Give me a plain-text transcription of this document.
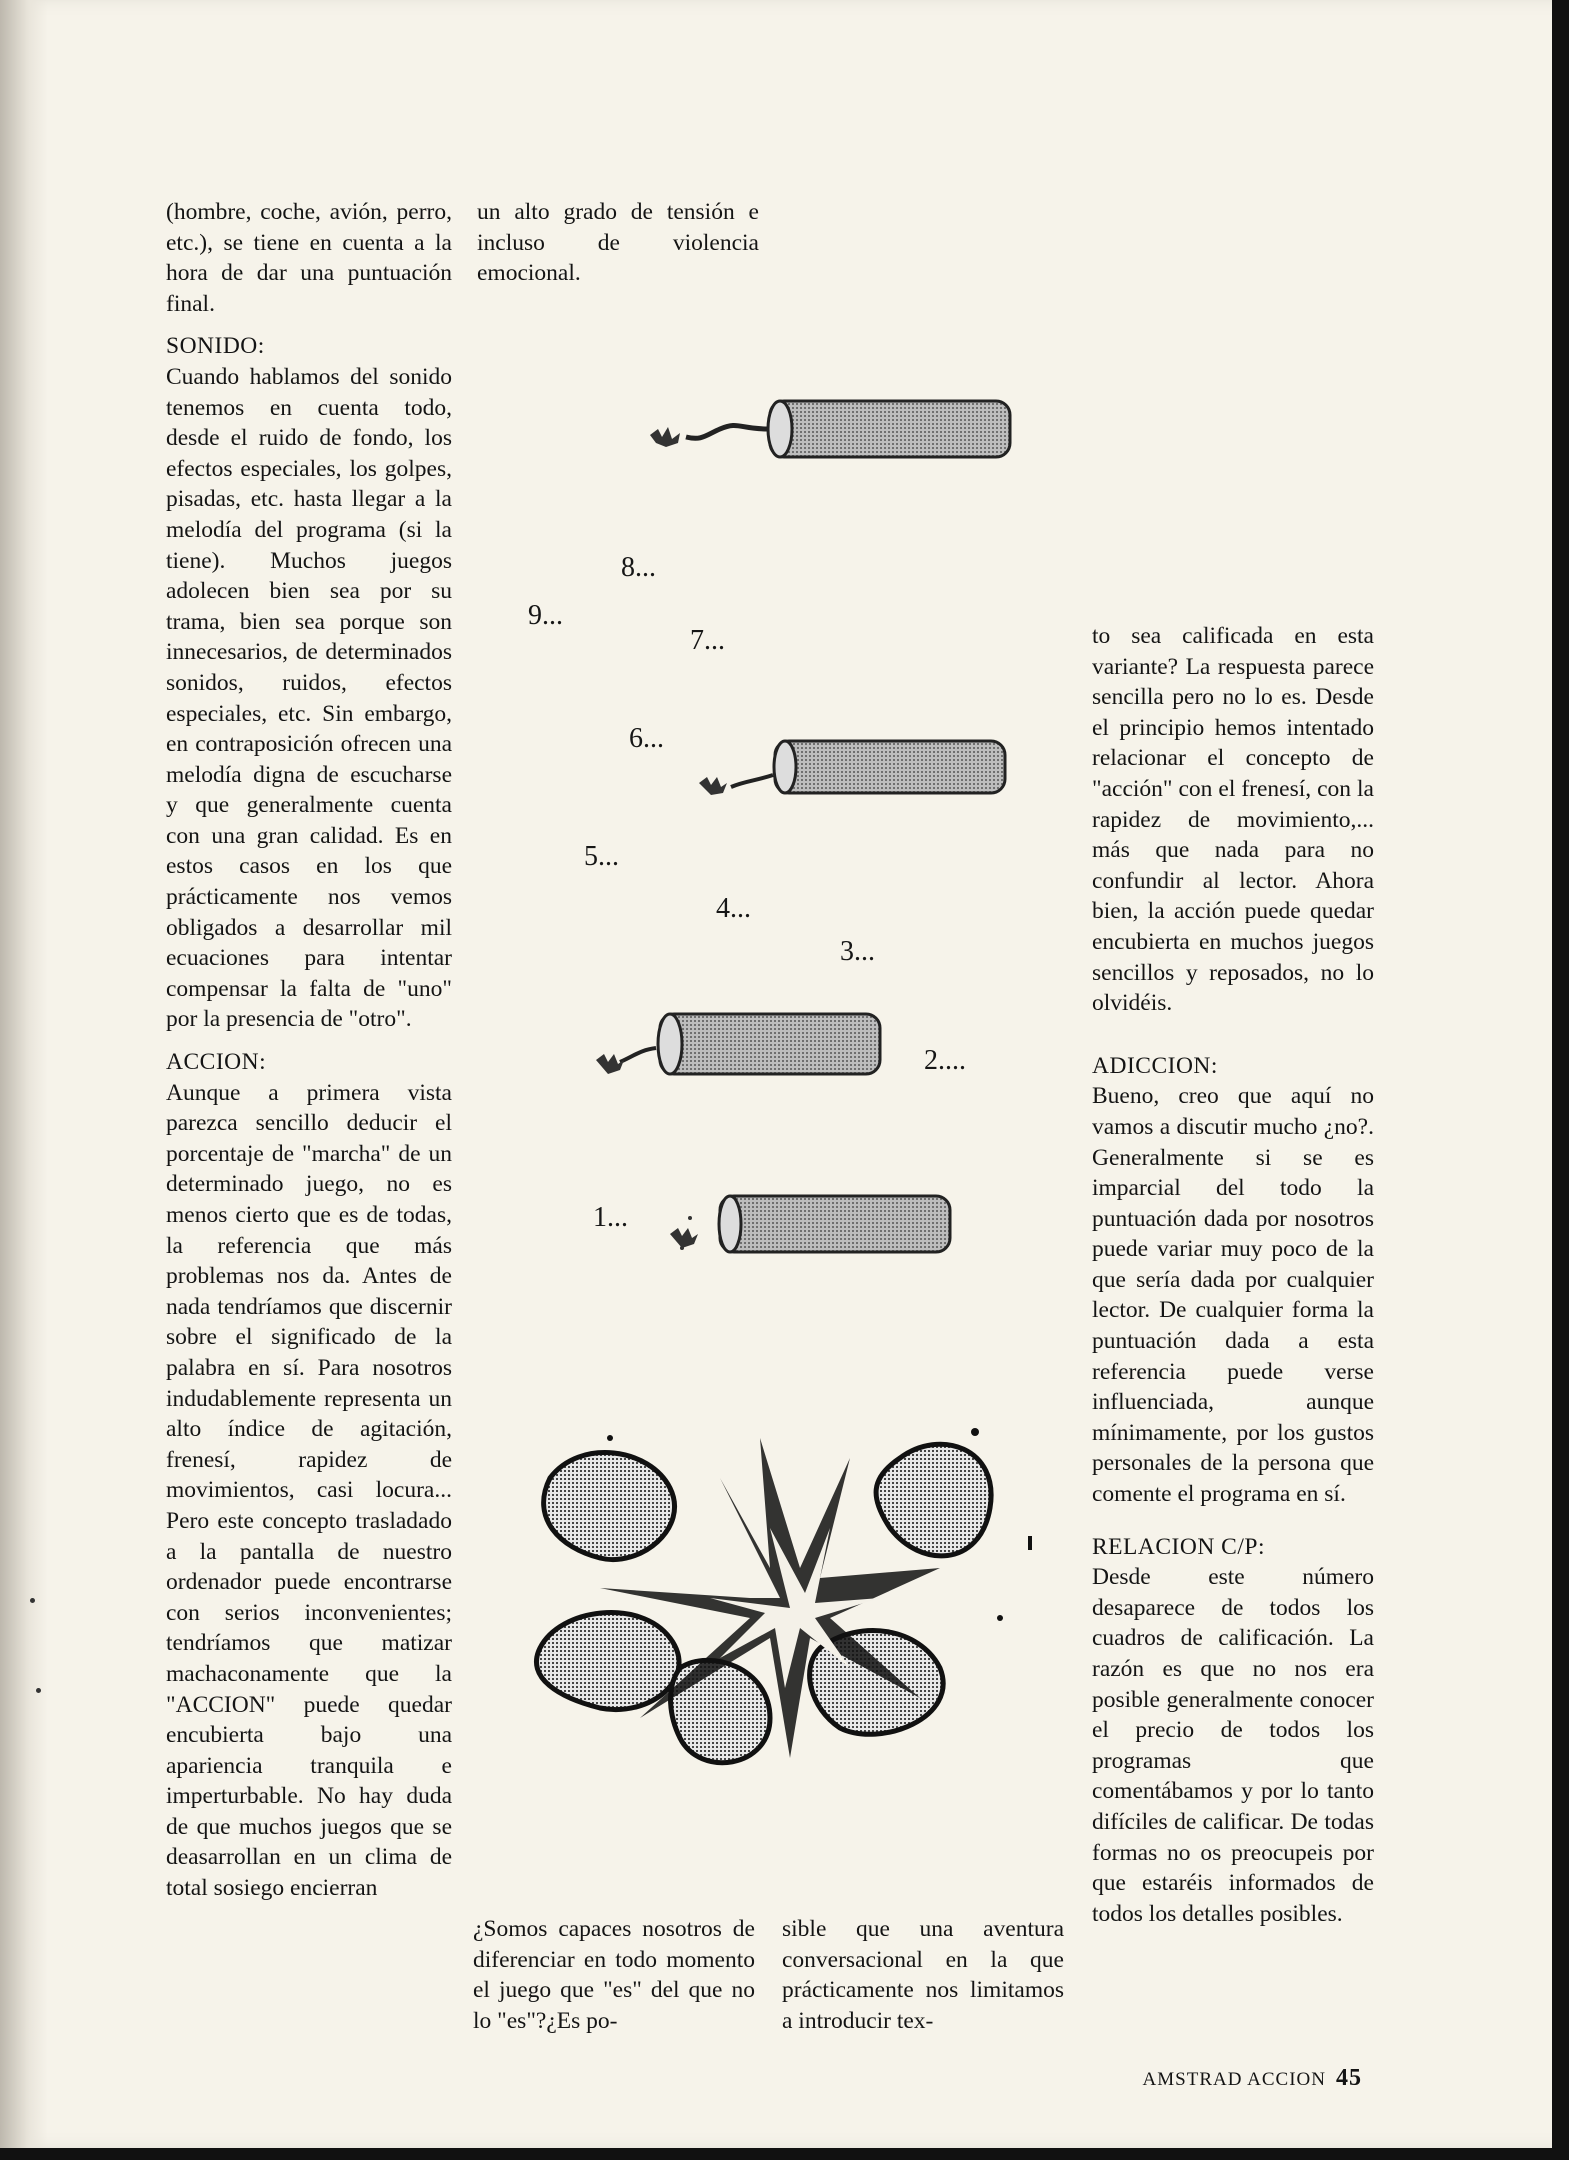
(hombre, coche, avión, perro, etc.), se tiene en cuenta a la hora de dar una puntuación final.

SONIDO:

Cuando hablamos del sonido tenemos en cuenta todo, desde el ruido de fondo, los efectos especiales, los golpes, pisadas, etc. hasta llegar a la melodía del programa (si la tiene). Muchos juegos adolecen bien sea por su trama, bien sea porque son innecesarios, de determinados sonidos, ruidos, efectos especiales, etc. Sin embargo, en contraposición ofrecen una melodía digna de escucharse y que generalmente cuenta con una gran calidad. Es en estos casos en los que prácticamente nos vemos obligados a desarrollar mil ecuaciones para intentar compensar la falta de "uno" por la presencia de "otro".

ACCION:

Aunque a primera vista parezca sencillo deducir el porcentaje de "marcha" de un determinado juego, no es menos cierto que es de todas, la referencia que más problemas nos da. Antes de nada tendríamos que discernir sobre el significado de la palabra en sí. Para nosotros indudablemente representa un alto índice de agitación, frenesí, rapidez de movimientos, casi locura... Pero este concepto trasladado a la pantalla de nuestro ordenador puede encontrarse con serios inconvenientes; tendríamos que matizar machaconamente que la "ACCION" puede quedar encubierta bajo una apariencia tranquila e imperturbable. No hay duda de que muchos juegos que se deasarrollan en un clima de total sosiego encierran

un alto grado de tensión e incluso de violencia emocional.

8...
9...
7...
6...
5...
4...
3...
2....
1...

¿Somos capaces nosotros de diferenciar en todo momento el juego que "es" del que no lo "es"?¿Es po-

sible que una aventura conversacional en la que prácticamente nos limitamos a introducir tex-

to sea calificada en esta variante? La respuesta parece sencilla pero no lo es. Desde el principio hemos intentado relacionar el concepto de "acción" con el frenesí, con la rapidez de movimiento,... más que nada para no confundir al lector. Ahora bien, la acción puede quedar encubierta en muchos juegos sencillos y reposados, no lo olvidéis.

ADICCION:

Bueno, creo que aquí no vamos a discutir mucho ¿no?. Generalmente si se es imparcial del todo la puntuación dada por nosotros puede variar muy poco de la que sería dada por cualquier lector. De cualquier forma la puntuación dada a esta referencia puede verse influenciada, aunque mínimamente, por los gustos personales de la persona que comente el programa en sí.

RELACION C/P:

Desde este número desaparece de todos los cuadros de calificación. La razón es que no nos era posible generalmente conocer el precio de todos los programas que comentábamos y por lo tanto difíciles de calificar. De todas formas no os preocupeis por que estaréis informados de todos los detalles posibles.

AMSTRAD ACCION 45
